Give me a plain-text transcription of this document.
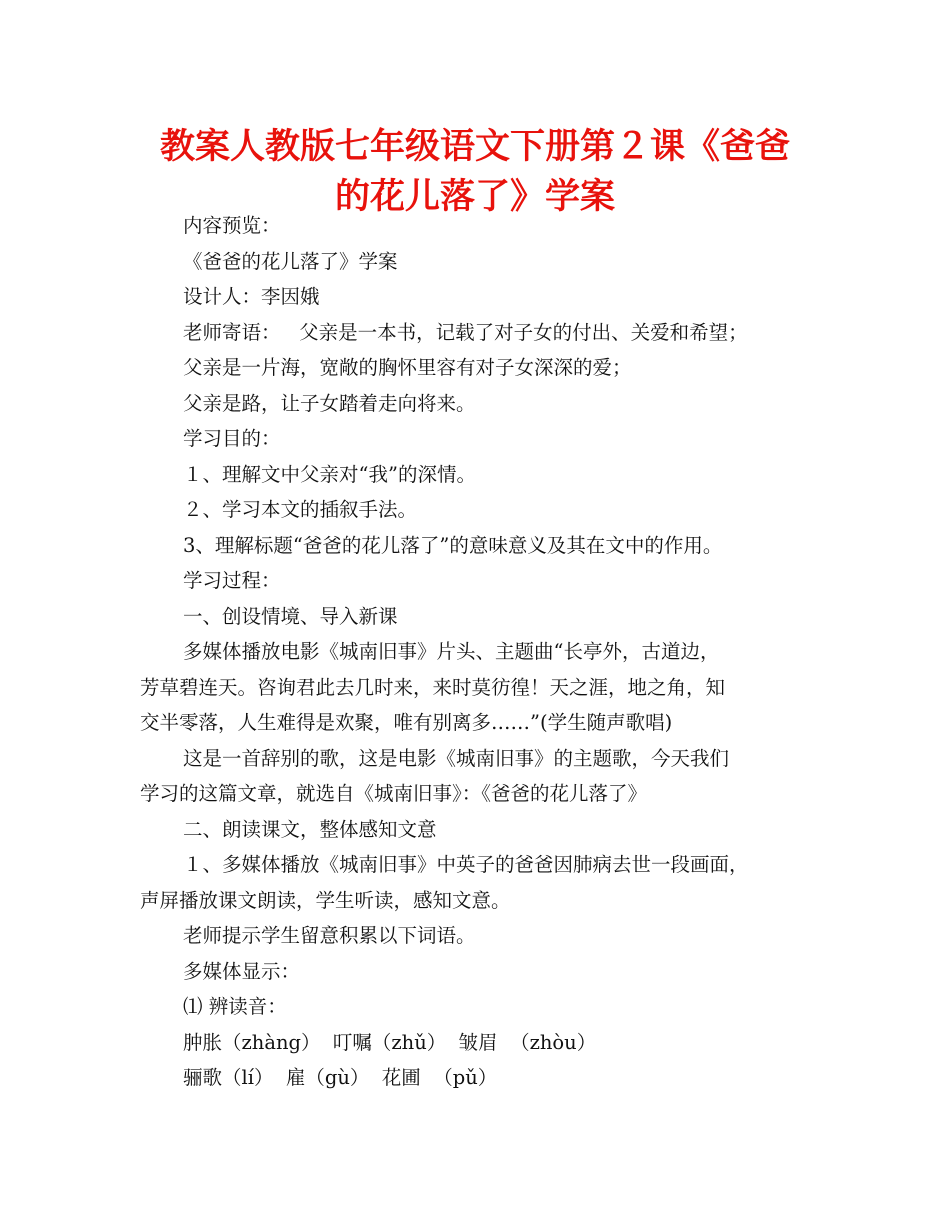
教案人教版七年级语文下册第２课《爸爸
的花儿落了》学案
内容预览：
《爸爸的花儿落了》学案
设计人：李因娥
老师寄语：   父亲是一本书，记载了对子女的付出、关爱和希望；
父亲是一片海，宽敞的胸怀里容有对子女深深的爱；
父亲是路，让子女踏着走向将来。
学习目的：
１、理解文中父亲对“我”的深情。
２、学习本文的插叙手法。
3、理解标题“爸爸的花儿落了”的意味意义及其在文中的作用。
学习过程：
一、创设情境、导入新课
多媒体播放电影《城南旧事》片头、主题曲“长亭外，古道边，
芳草碧连天。咨询君此去几时来，来时莫彷徨！天之涯，地之角，知
交半零落，人生难得是欢聚，唯有别离多……”(学生随声歌唱)
这是一首辞别的歌，这是电影《城南旧事》的主题歌，今天我们
学习的这篇文章，就选自《城南旧事》：《爸爸的花儿落了》
二、朗读课文，整体感知文意
１、多媒体播放《城南旧事》中英子的爸爸因肺病去世一段画面，
声屏播放课文朗读，学生听读，感知文意。
老师提示学生留意积累以下词语。
多媒体显示：
⑴ 辨读音：
肿胀（zhàng）  叮嘱（zhǔ）  皱眉  （zhòu）
骊歌（lí）  雇（gù）  花圃  （pǔ）
